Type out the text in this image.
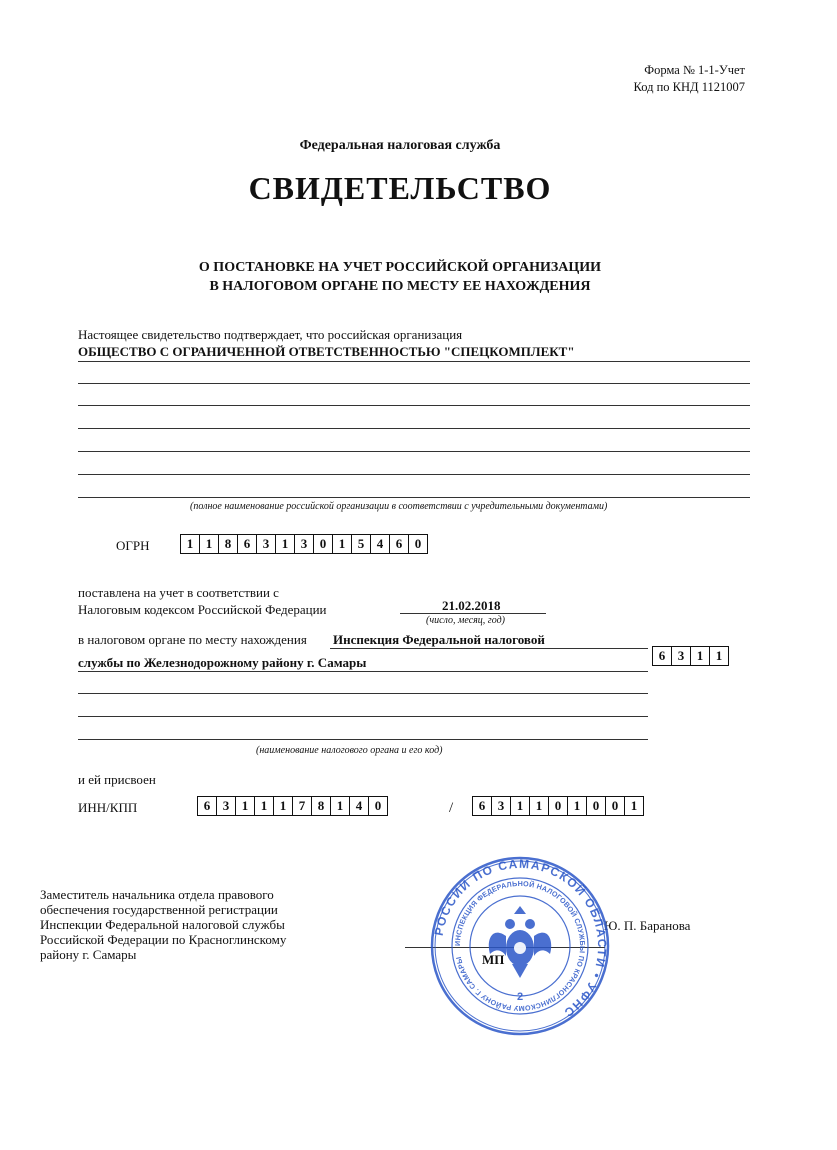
Форма № 1-1-Учет
Код по КНД 1121007
Федеральная налоговая служба
СВИДЕТЕЛЬСТВО
О ПОСТАНОВКЕ НА УЧЕТ РОССИЙСКОЙ ОРГАНИЗАЦИИ
В НАЛОГОВОМ ОРГАНЕ ПО МЕСТУ ЕЕ НАХОЖДЕНИЯ
Настоящее свидетельство подтверждает, что российская организация
ОБЩЕСТВО С ОГРАНИЧЕННОЙ ОТВЕТСТВЕННОСТЬЮ "СПЕЦКОМПЛЕКТ"
(полное наименование российской организации в соответствии с учредительными документами)
ОГРН	1 1 8 6 3 1 3 0 1 5 4 6 0
поставлена на учет в соответствии с
Налоговым кодексом Российской Федерации	21.02.2018
(число, месяц, год)
в налоговом органе по месту нахождения Инспекция Федеральной налоговой
службы по Железнодорожному району г. Самары	6 3 1 1
(наименование налогового органа и его код)
и ей присвоен
ИНН/КПП	6 3 1 1 1 7 8 1 4 0	/	6 3 1 1 0 1 0 0 1
Заместитель начальника отдела правового
обеспечения государственной регистрации
Инспекции Федеральной налоговой службы
Российской Федерации по Красноглинскому
району г. Самары
Ю. П. Баранова
МП
РОССИИ ПО САМАРСКОЙ ОБЛАСТИ • УФНС
ИНСПЕКЦИЯ ФЕДЕРАЛЬНОЙ НАЛОГОВОЙ СЛУЖБЫ ПО КРАСНОГЛИНСКОМУ РАЙОНУ Г. САМАРЫ
2
